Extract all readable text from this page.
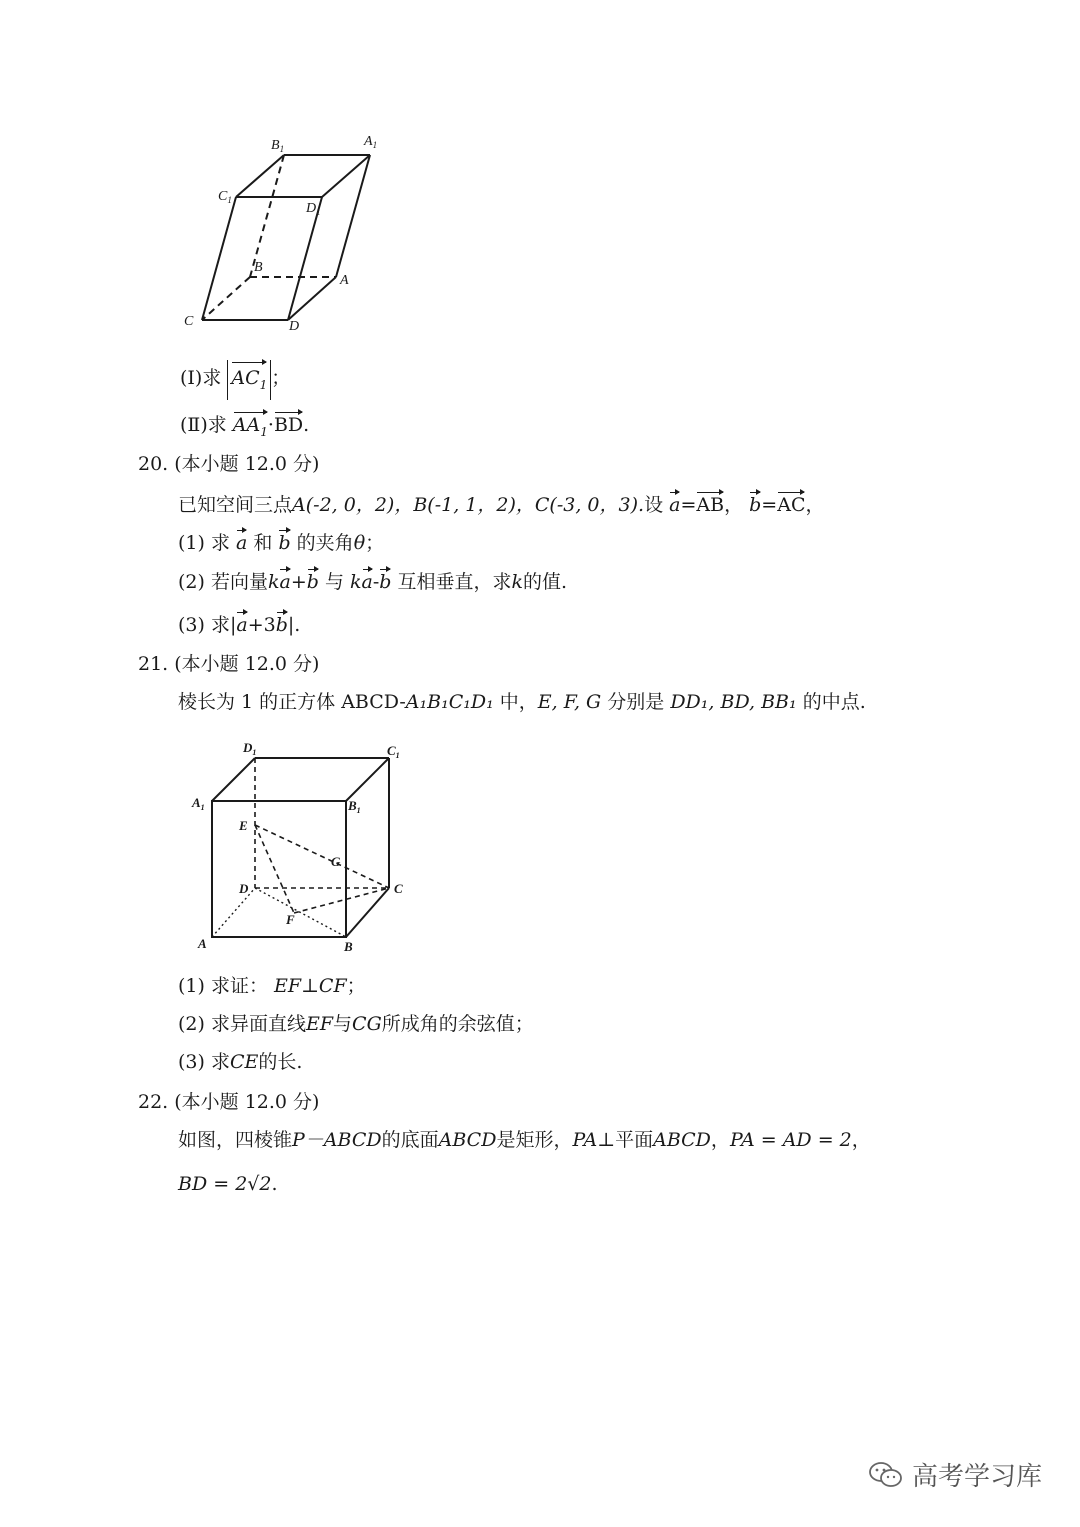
$B_1$	$A_1$
$C_1$
$D_1$
B
A
C	D
(Ⅰ)求 $AC_1$ ；
(Ⅱ)求 $AA_1\cdot BD$.
20. (本小题 12.0 分)
已知空间三点A(-2, 0，2)，B(-1, 1，2)，C(-3, 0，3).设 a=AB， b=AC，
(1) 求 a 和 b 的夹角θ；
(2) 若向量ka+b 与 ka-b 互相垂直，求k的值.
(3) 求|a+3b|.
21. (本小题 12.0 分)
棱长为 1 的正方体 ABCD-A₁B₁C₁D₁ 中，E, F, G 分别是 DD₁, BD, BB₁ 的中点.
$D_1$	$C_1$
$A_1$	$B_1$
E
G
D	C
F
A	B
(1) 求证： EF⊥CF；
(2) 求异面直线EF与CG所成角的余弦值；
(3) 求CE的长.
22. (本小题 12.0 分)
如图，四棱锥P－ABCD的底面ABCD是矩形，PA⊥平面ABCD，PA = AD = 2，
BD = 2√2.
高考学习库
